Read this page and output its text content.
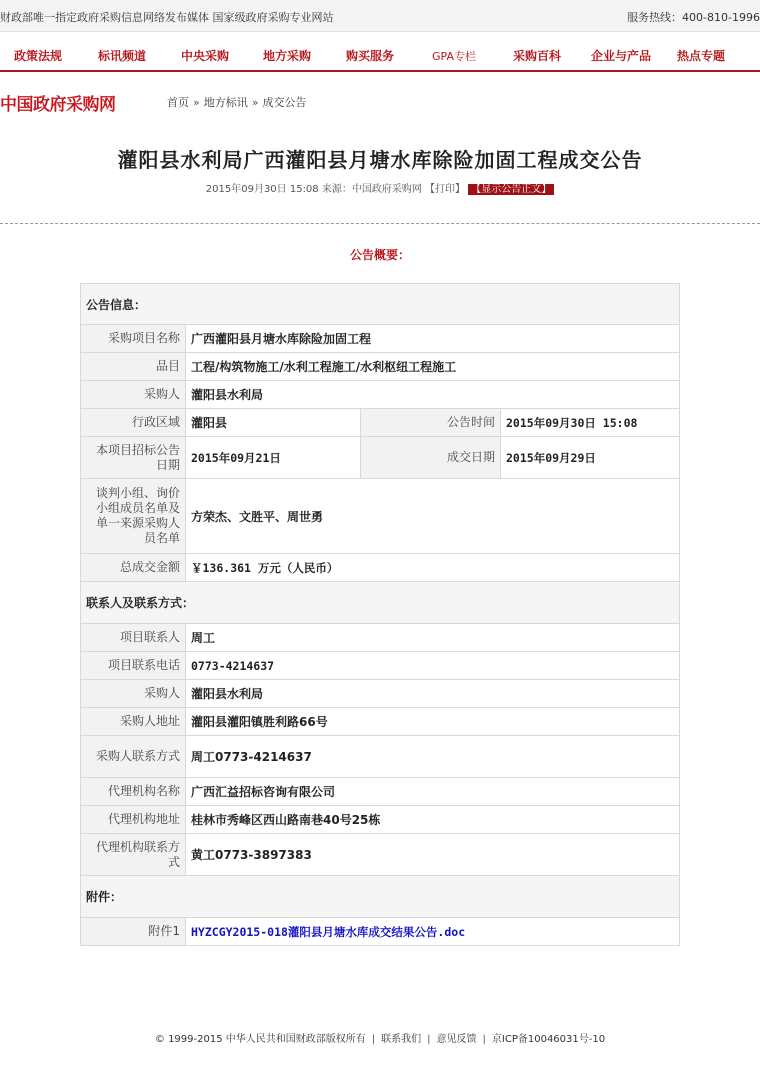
财政部唯一指定政府采购信息网络发布媒体 国家级政府采购专业网站	服务热线：400-810-1996
政策法规	标讯频道	中央采购	地方采购	购买服务	GPA专栏	采购百科 企业与产品 热点专题
中国政府采购网	首页 » 地方标讯 » 成交公告
灌阳县水利局广西灌阳县月塘水库除险加固工程成交公告
2015年09月30日 15:08 来源：中国政府采购网 【打印】 【显示公告正文】
公告概要：
公告信息：			
采购项目名称	广西灌阳县月塘水库除险加固工程		
品目	工程/构筑物施工/水利工程施工/水利枢纽工程施工		
采购人	灌阳县水利局		
行政区域	灌阳县	公告时间	2015年09月30日 15:08
本项目招标公告日期	2015年09月21日	成交日期	2015年09月29日
谈判小组、询价小组成员名单及单一来源采购人员名单	方荣杰、文胜平、周世勇		
总成交金额	￥136.361 万元（人民币）		
联系人及联系方式：			
项目联系人	周工		
项目联系电话	0773-4214637		
采购人	灌阳县水利局		
采购人地址	灌阳县灌阳镇胜利路66号		
采购人联系方式	周工0773-4214637		
代理机构名称	广西汇益招标咨询有限公司		
代理机构地址	桂林市秀峰区西山路南巷40号25栋		
代理机构联系方式	黄工0773-3897383		
附件：			
附件1	HYZCGY2015-018灌阳县月塘水库成交结果公告.doc		
© 1999-2015 中华人民共和国财政部版权所有 | 联系我们 | 意见反馈 | 京ICP备10046031号-10
